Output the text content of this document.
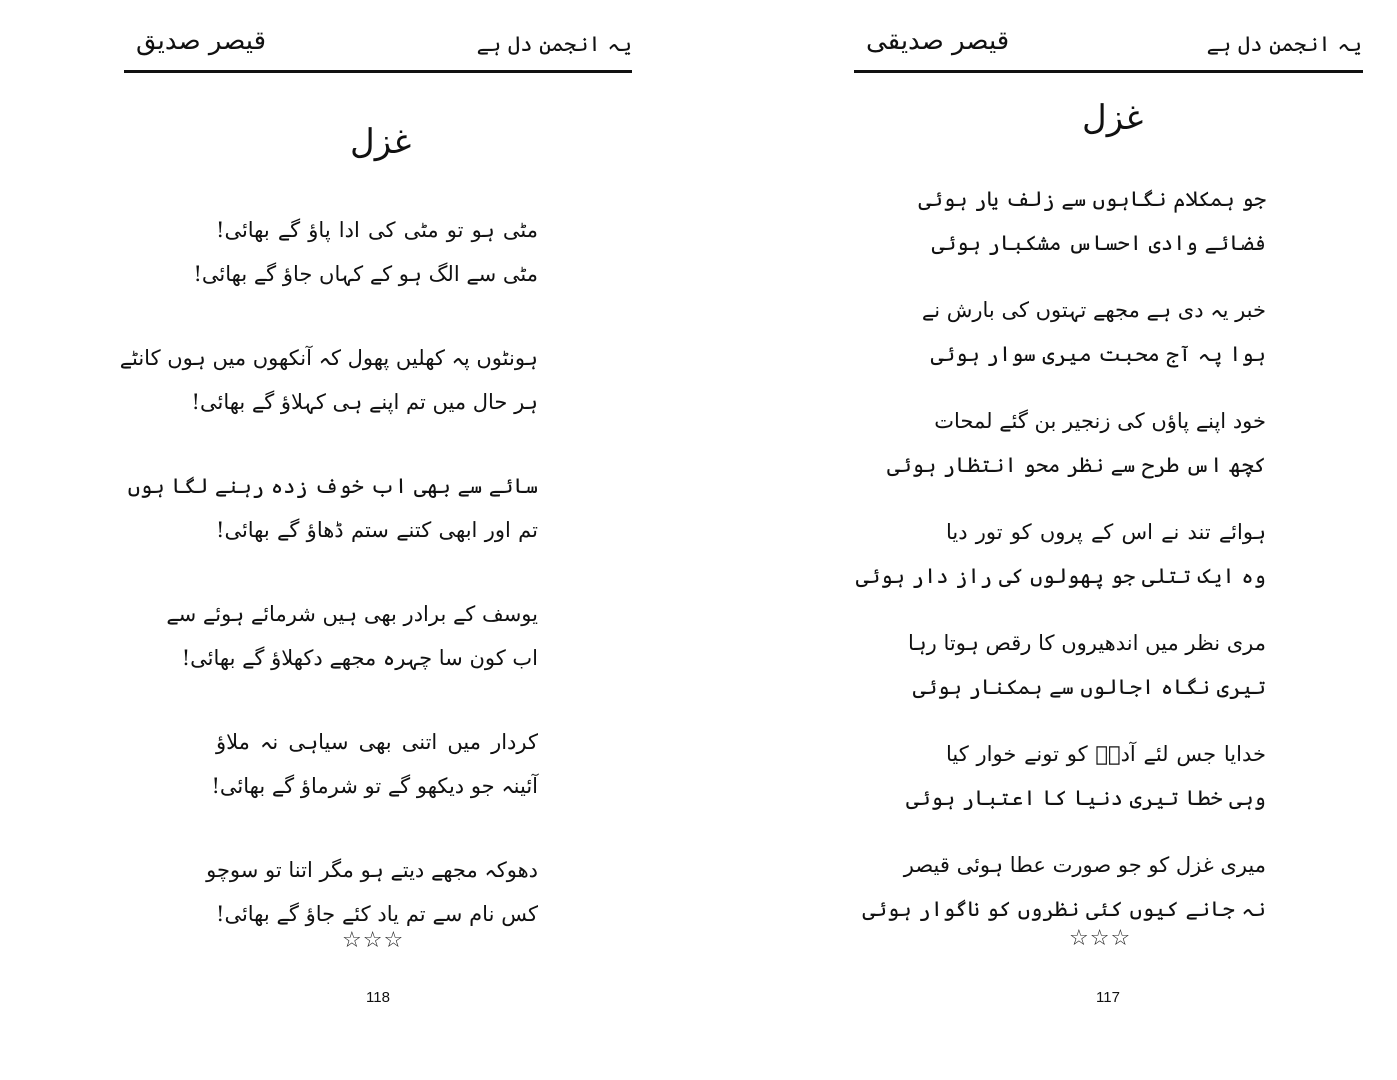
قیصر صدیق	یہ انجمن دل ہے
غزل
مٹی ہو تو مٹی کی ادا پاؤ گے بھائی!
مٹی سے الگ ہو کے کہاں جاؤ گے بھائی!
ہونٹوں پہ کھلیں پھول کہ آنکھوں میں ہوں کانٹے
ہر حال میں تم اپنے ہی کہلاؤ گے بھائی!
سائے سے بھی اب خوف زدہ رہنے لگا ہوں
تم اور ابھی کتنے ستم ڈھاؤ گے بھائی!
یوسف کے برادر بھی ہیں شرمائے ہوئے سے
اب کون سا چہرہ مجھے دکھلاؤ گے بھائی!
کردار میں اتنی بھی سیاہی نہ ملاؤ
آئینہ جو دیکھو گے تو شرماؤ گے بھائی!
دھوکہ مجھے دیتے ہو مگر اتنا تو سوچو
کس نام سے تم یاد کئے جاؤ گے بھائی!
☆☆☆
118
قیصر صدیقی	یہ انجمن دل ہے
غزل
جو ہمکلام نگاہوں سے زلف یار ہوئی
فضائے وادی احساس مشکبار ہوئی
خبر یہ دی ہے مجھے تہتوں کی بارش نے
ہوا پہ آج محبت میری سوار ہوئی
خود اپنے پاؤں کی زنجیر بن گئے لمحات
کچھ اس طرح سے نظر محو انتظار ہوئی
ہوائے تند نے اس کے پروں کو تور دیا
وہ ایک تتلی جو پھولوں کی راز دار ہوئی
مری نظر میں اندھیروں کا رقص ہوتا رہا
تیری نگاہ اجالوں سے ہمکنار ہوئی
خدایا جس لئے آدمؑ کو تونے خوار کیا
وہی خطا تیری دنیا کا اعتبار ہوئی
میری غزل کو جو صورت عطا ہوئی قیصر
نہ جانے کیوں کئی نظروں کو ناگوار ہوئی
☆☆☆
117
